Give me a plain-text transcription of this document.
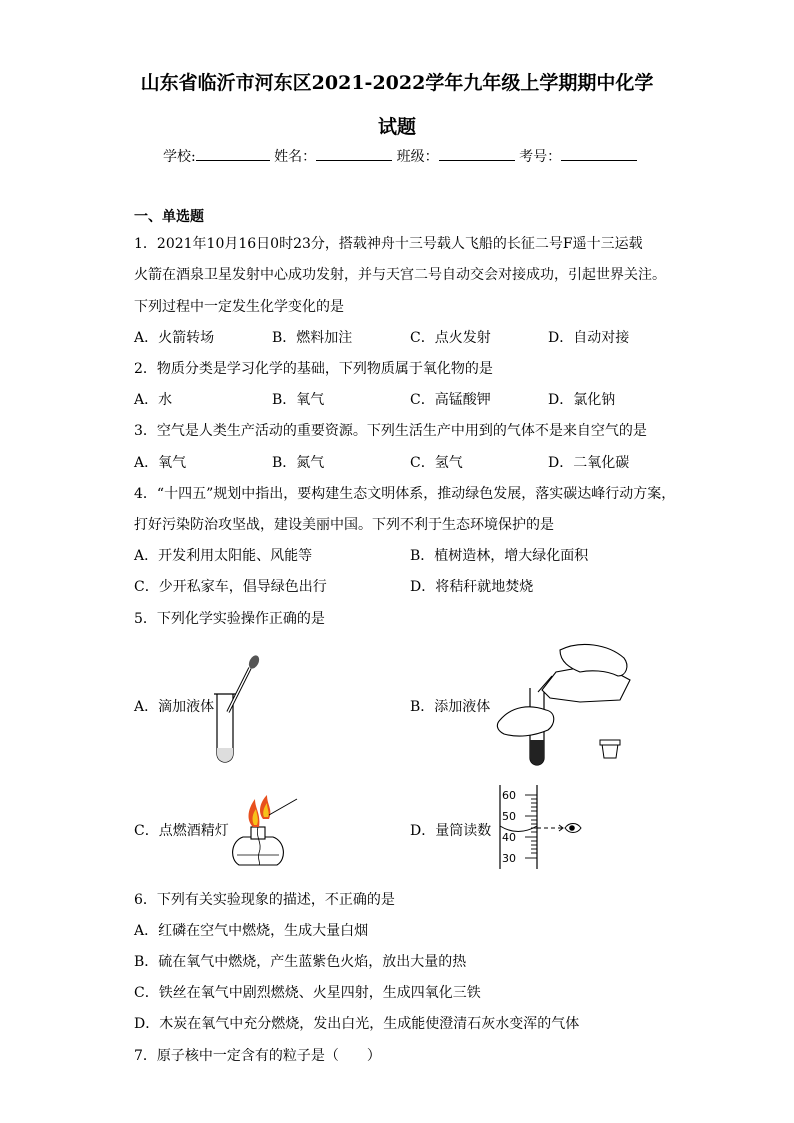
山东省临沂市河东区2021-2022学年九年级上学期期中化学
试题
学校:	姓名：	班级：	考号：
一、单选题
1．2021年10月16日0时23分，搭载神舟十三号载人飞船的长征二号F遥十三运载
火箭在酒泉卫星发射中心成功发射，并与天宫二号自动交会对接成功，引起世界关注。
下列过程中一定发生化学变化的是
A．火箭转场	B．燃料加注	C．点火发射	D．自动对接
2．物质分类是学习化学的基础，下列物质属于氧化物的是
A．水	B．氧气	C．高锰酸钾	D．氯化钠
3．空气是人类生产活动的重要资源。下列生活生产中用到的气体不是来自空气的是
A．氧气	B．氮气	C．氢气	D．二氧化碳
4．“十四五”规划中指出，要构建生态文明体系，推动绿色发展，落实碳达峰行动方案，
打好污染防治攻坚战，建设美丽中国。下列不利于生态环境保护的是
A．开发利用太阳能、风能等	B．植树造林，增大绿化面积
C．少开私家车，倡导绿色出行	D．将秸秆就地焚烧
5．下列化学实验操作正确的是
A．滴加液体	B．添加液体
C．点燃酒精灯	D．量筒读数
60
50
40
30
6．下列有关实验现象的描述，不正确的是
A．红磷在空气中燃烧，生成大量白烟
B．硫在氧气中燃烧，产生蓝紫色火焰，放出大量的热
C．铁丝在氧气中剧烈燃烧、火星四射，生成四氧化三铁
D．木炭在氧气中充分燃烧，发出白光，生成能使澄清石灰水变浑的气体
7．原子核中一定含有的粒子是（　　）
